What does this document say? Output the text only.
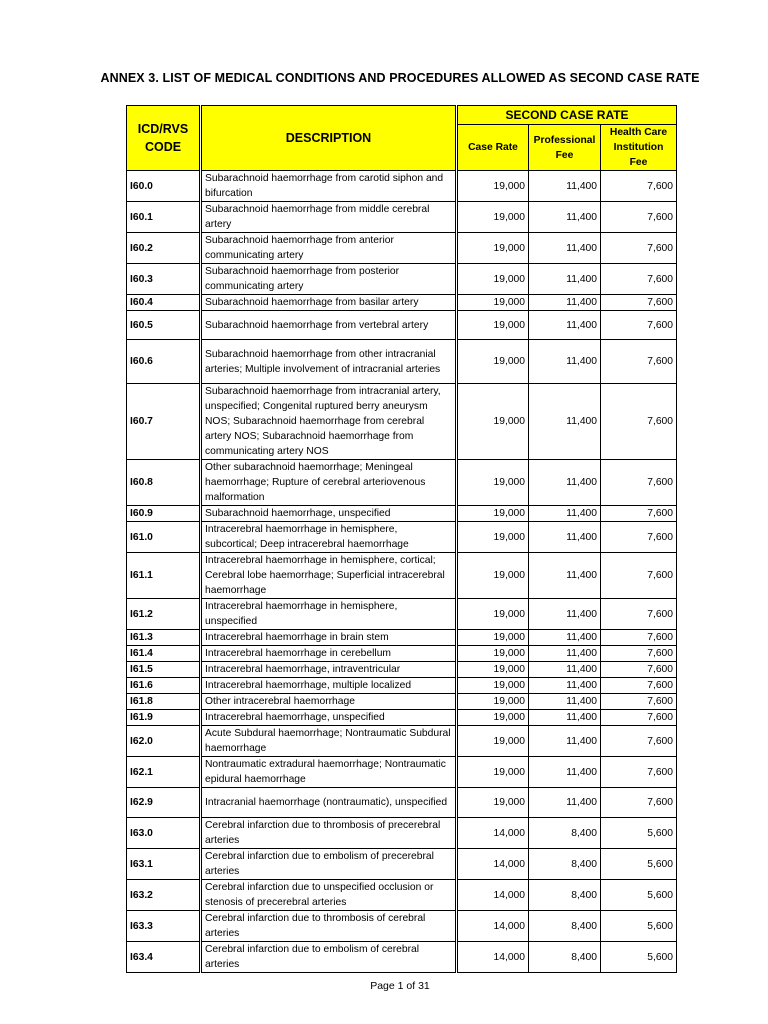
ANNEX 3. LIST OF MEDICAL CONDITIONS AND PROCEDURES ALLOWED AS SECOND CASE RATE
ICD/RVS CODE	DESCRIPTION	SECOND CASE RATE		
		Case Rate	Professional Fee	Health Care Institution Fee
I60.0	Subarachnoid haemorrhage from carotid siphon and bifurcation	19,000	11,400	7,600
I60.1	Subarachnoid haemorrhage from middle cerebral artery	19,000	11,400	7,600
I60.2	Subarachnoid haemorrhage from anterior communicating artery	19,000	11,400	7,600
I60.3	Subarachnoid haemorrhage from posterior communicating artery	19,000	11,400	7,600
I60.4	Subarachnoid haemorrhage from basilar artery	19,000	11,400	7,600
I60.5	Subarachnoid haemorrhage from vertebral artery	19,000	11,400	7,600
I60.6	Subarachnoid haemorrhage from other intracranial arteries; Multiple involvement of intracranial arteries	19,000	11,400	7,600
I60.7	Subarachnoid haemorrhage from intracranial artery, unspecified; Congenital ruptured berry aneurysm NOS; Subarachnoid haemorrhage from cerebral artery NOS; Subarachnoid haemorrhage from communicating artery NOS	19,000	11,400	7,600
I60.8	Other subarachnoid haemorrhage; Meningeal haemorrhage; Rupture of cerebral arteriovenous malformation	19,000	11,400	7,600
I60.9	Subarachnoid haemorrhage, unspecified	19,000	11,400	7,600
I61.0	Intracerebral haemorrhage in hemisphere, subcortical; Deep intracerebral haemorrhage	19,000	11,400	7,600
I61.1	Intracerebral haemorrhage in hemisphere, cortical; Cerebral lobe haemorrhage; Superficial intracerebral haemorrhage	19,000	11,400	7,600
I61.2	Intracerebral haemorrhage in hemisphere, unspecified	19,000	11,400	7,600
I61.3	Intracerebral haemorrhage in brain stem	19,000	11,400	7,600
I61.4	Intracerebral haemorrhage in cerebellum	19,000	11,400	7,600
I61.5	Intracerebral haemorrhage, intraventricular	19,000	11,400	7,600
I61.6	Intracerebral haemorrhage, multiple localized	19,000	11,400	7,600
I61.8	Other intracerebral haemorrhage	19,000	11,400	7,600
I61.9	Intracerebral haemorrhage, unspecified	19,000	11,400	7,600
I62.0	Acute Subdural haemorrhage; Nontraumatic Subdural haemorrhage	19,000	11,400	7,600
I62.1	Nontraumatic extradural haemorrhage; Nontraumatic epidural haemorrhage	19,000	11,400	7,600
I62.9	Intracranial haemorrhage (nontraumatic), unspecified	19,000	11,400	7,600
I63.0	Cerebral infarction due to thrombosis of precerebral arteries	14,000	8,400	5,600
I63.1	Cerebral infarction due to embolism of precerebral arteries	14,000	8,400	5,600
I63.2	Cerebral infarction due to unspecified occlusion or stenosis of precerebral arteries	14,000	8,400	5,600
I63.3	Cerebral infarction due to thrombosis of cerebral arteries	14,000	8,400	5,600
I63.4	Cerebral infarction due to embolism of cerebral arteries	14,000	8,400	5,600
Page 1 of 31
